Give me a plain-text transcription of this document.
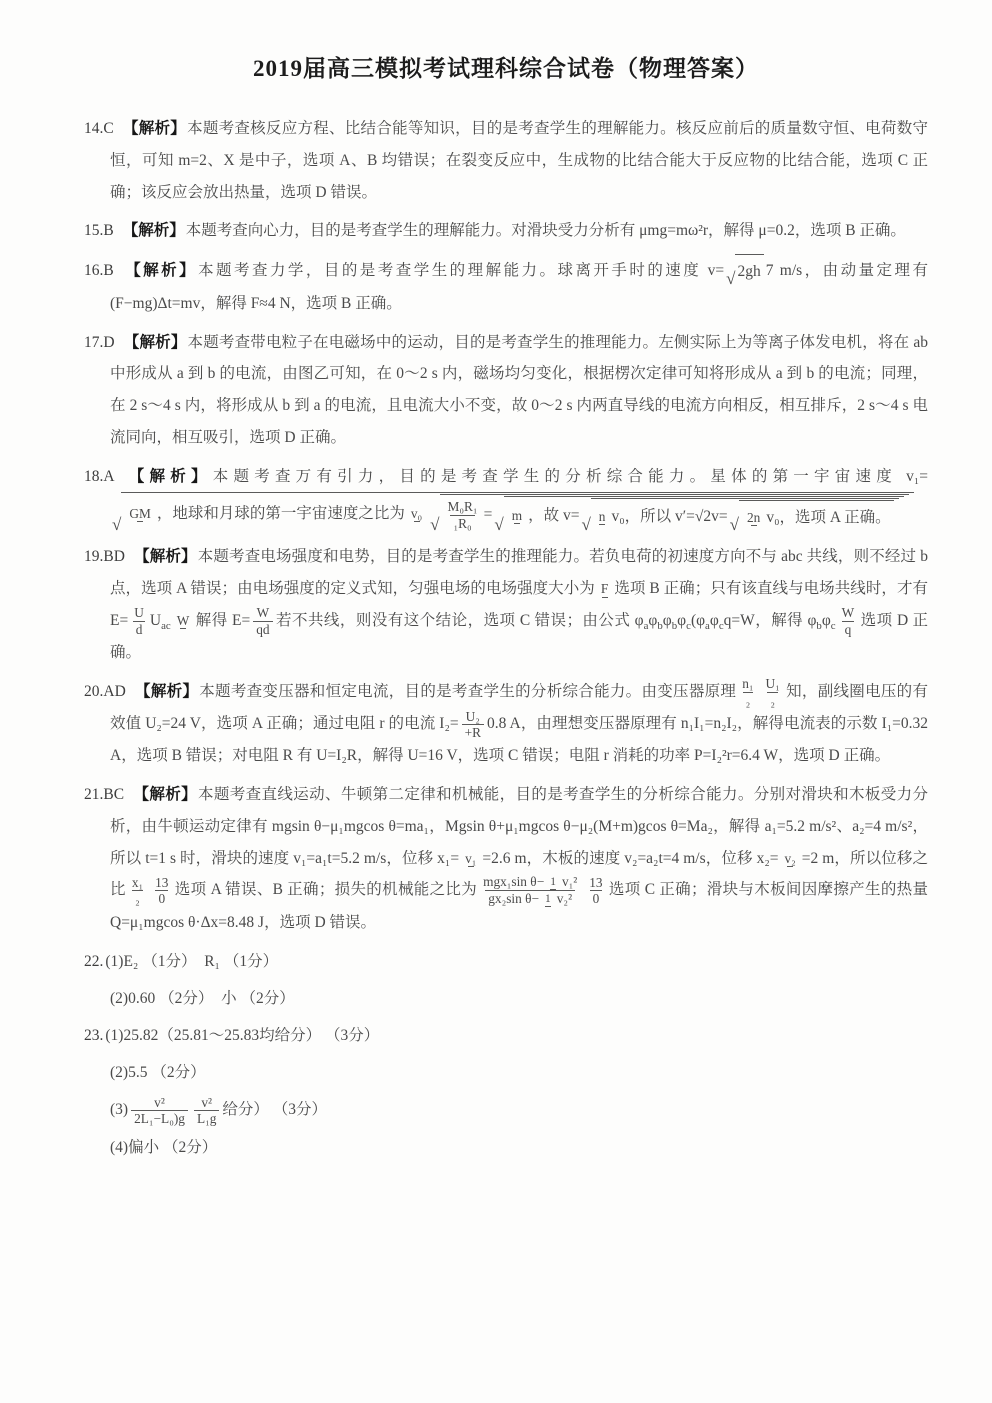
2019届高三模拟考试理科综合试卷（物理答案）

14.C 【解析】本题考查核反应方程、比结合能等知识，目的是考查学生的理解能力。核反应前后的质量数守恒、电荷数守恒，可知 m=2、X 是中子，选项 A、B 均错误；在裂变反应中，生成物的比结合能大于反应物的比结合能，选项 C 正确；该反应会放出热量，选项 D 错误。

15.B 【解析】本题考查向心力，目的是考查学生的理解能力。对滑块受力分析有 μmg=mω²r，解得 μ=0.2，选项 B 正确。

16.B 【解析】本题考查力学，目的是考查学生的理解能力。球离开手时的速度 v= √ 2gh 7 m/s，由动量定理有(F−mg)Δt=mv，解得 F≈4 N，选项 B 正确。

17.D 【解析】本题考查带电粒子在电磁场中的运动，目的是考查学生的推理能力。左侧实际上为等离子体发电机，将在 ab 中形成从 a 到 b 的电流，由图乙可知，在 0～2 s 内，磁场均匀变化，根据楞次定律可知将形成从 a 到 b 的电流；同理，在 2 s～4 s 内，将形成从 b 到 a 的电流，且电流大小不变，故 0～2 s 内两直导线的电流方向相反，相互排斥，2 s～4 s 电流同向，相互吸引，选项 D 正确。

18.A 【解析】本题考查万有引力，目的是考查学生的分析综合能力。星体的第一宇宙速度 v₁=
√
GM ，地球和月球的第一宇宙速度之比为 v₀
√ $\frac{\text{M₀R₁}}{\text{₁R₀}}$ =
√ m ，故 v= √ n v₀，所以 v′=√2v= √ 2n v₀，选项 A 正确。

19.BD 【解析】本题考查电场强度和电势，目的是考查学生的推理能力。若负电荷的初速度方向不与 abc 共线，则不经过 b 点，选项 A 错误；由电场强度的定义式知，匀强电场的电场强度大小为 F 选项 B 正确；只有该直线与电场共线时，才有 $E= \frac{U}{d} U_{ac}$ W 解得 $E= \frac{W}{qd}$ 若不共线，则没有这个结论，选项 C 错误；由公式 $\varphi_a\varphi_b\varphi_b\varphi_c(\varphi_a\varphi_cq=W$，解得 $\varphi_b\varphi_c \frac{W}{q}$ 选项 D 正确。

20.AD 【解析】本题考查变压器和恒定电流，目的是考查学生的分析综合能力。由变压器原理 $\frac{\text{n₁}}{\text{₂}} \frac{\text{U₁}}{\text{₂}}$ 知，副线圈电压的有效值 U₂=24 V，选项 A 正确；通过电阻 r 的电流 $I_2= \frac{\text{U₂}}{+R} 0.8$ A，由理想变压器原理有 n₁I₁=n₂I₂，解得电流表的示数 I₁=0.32 A，选项 B 错误；对电阻 R 有 U=I₂R，解得 U=16 V，选项 C 错误；电阻 r 消耗的功率 P=I₂²r=6.4 W，选项 D 正确。

21.BC 【解析】本题考查直线运动、牛顿第二定律和机械能，目的是考查学生的分析综合能力。分别对滑块和木板受力分析，由牛顿运动定律有 mgsin θ−μ₁mgcos θ=ma₁，Mgsin θ+μ₁mgcos θ−μ₂(M+m)gcos θ=Ma₂，解得 a₁=5.2 m/s²、a₂=4 m/s²，所以 t=1 s 时，滑块的速度 v₁=a₁t=5.2 m/s，位移 x₁= v₁ =2.6 m，木板的速度 v₂=a₂t=4 m/s，位移 x₂= v₂ =2 m，所以位移之比 $\frac{\text{x₁}}{\text{₂}} \frac{13}{0}$ 选项 A 错误、B 正确；损失的机械能之比为 $\frac{\text{mgx₁sin θ− 1 v₁²}}{\text{gx₂sin θ− 1 v₂²}} \frac{13}{0}$ 选项 C 正确；滑块与木板间因摩擦产生的热量 Q=μ₁mgcos θ·Δx=8.48 J，选项 D 错误。

22. (1)E₂ （1分）　R₁ （1分）

(2)0.60 （2分）　小 （2分）

23. (1)25.82（25.81～25.83均给分） （3分）

(2)5.5 （2分）

$(3) \frac{\text{v²}}{\text{2L₁−L₀)g}} \frac{\text{v²}}{\text{L₁g}}$ 给分） （3分）

(4)偏小 （2分）
